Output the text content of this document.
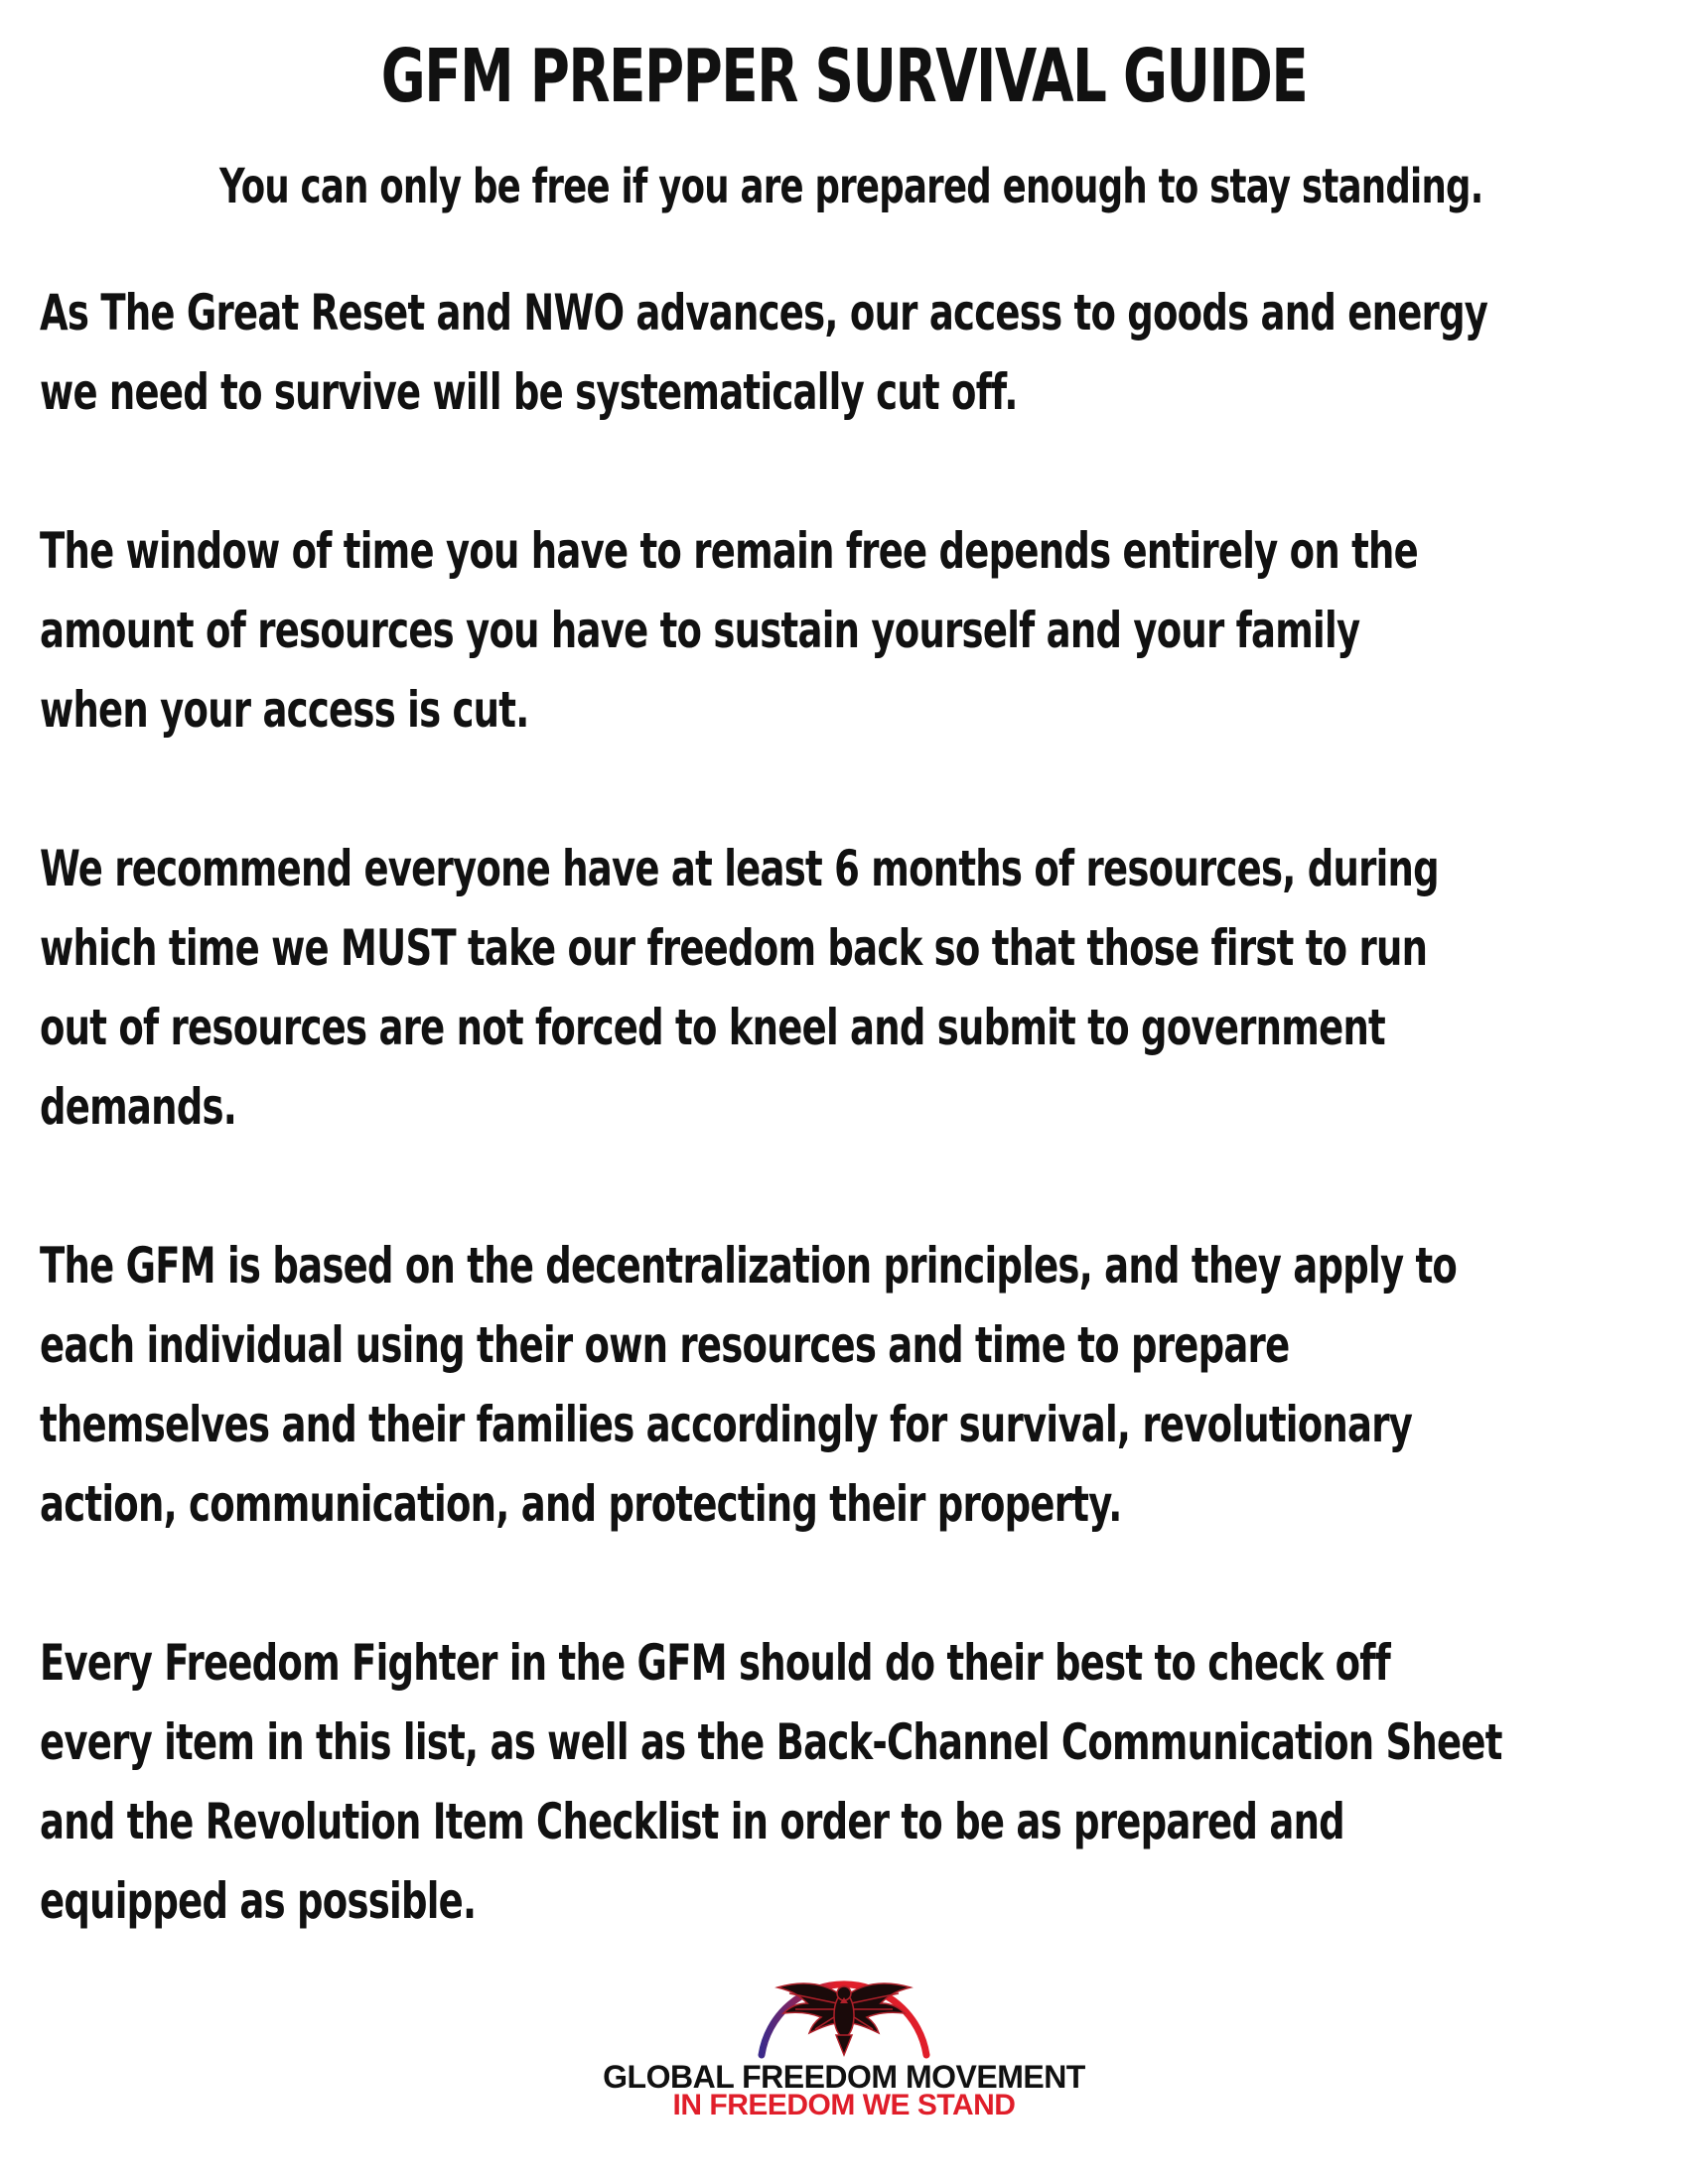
GFM PREPPER SURVIVAL GUIDE
You can only be free if you are prepared enough to stay standing.

As The Great Reset and NWO advances, our access to goods and energy
we need to survive will be systematically cut off.

The window of time you have to remain free depends entirely on the
amount of resources you have to sustain yourself and your family
when your access is cut.

We recommend everyone have at least 6 months of resources, during
which time we MUST take our freedom back so that those first to run
out of resources are not forced to kneel and submit to government
demands.

The GFM is based on the decentralization principles, and they apply to
each individual using their own resources and time to prepare
themselves and their families accordingly for survival, revolutionary
action, communication, and protecting their property.

Every Freedom Fighter in the GFM should do their best to check off
every item in this list, as well as the Back-Channel Communication Sheet
and the Revolution Item Checklist in order to be as prepared and
equipped as possible.

GLOBAL FREEDOM MOVEMENT
IN FREEDOM WE STAND
